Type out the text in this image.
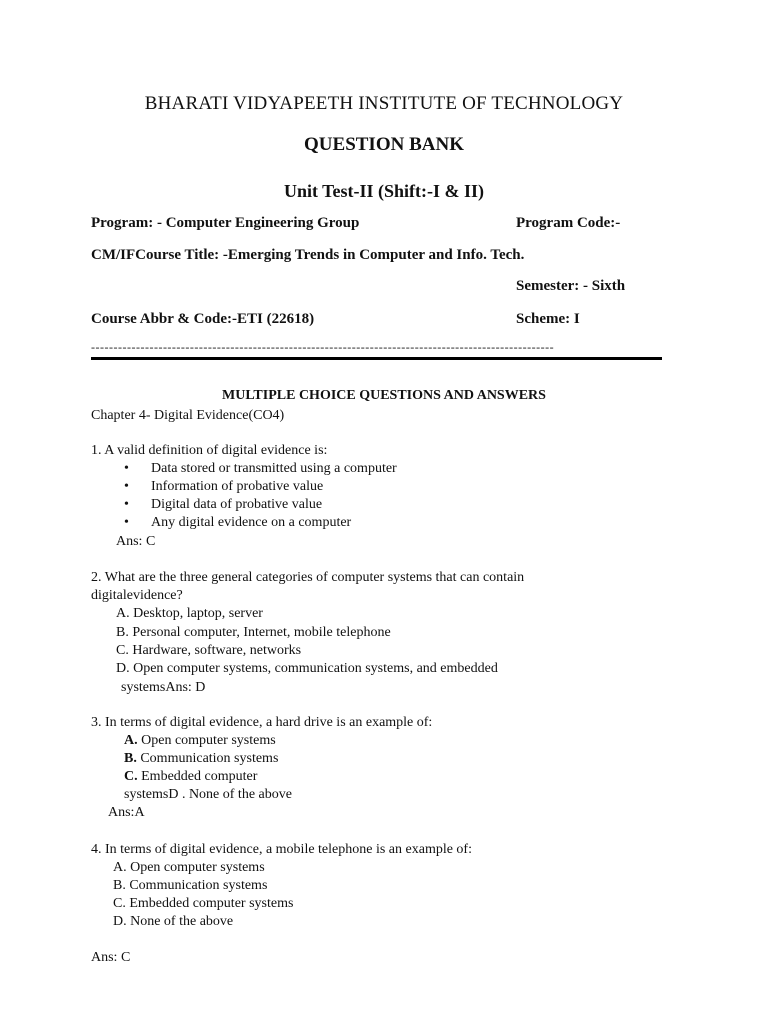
BHARATI VIDYAPEETH INSTITUTE OF TECHNOLOGY
QUESTION BANK
Unit Test-II (Shift:-I & II)
Program: - Computer Engineering Group	Program Code:-
CM/IFCourse Title: -Emerging Trends in Computer and Info. Tech.
Semester: - Sixth
Course Abbr & Code:-ETI (22618)	Scheme: I
-------------------------------------------------------------------------------------------------------
MULTIPLE CHOICE QUESTIONS AND ANSWERS
Chapter 4- Digital Evidence(CO4)
1. A valid definition of digital evidence is:
• Data stored or transmitted using a computer
• Information of probative value
• Digital data of probative value
• Any digital evidence on a computer
Ans: C
2. What are the three general categories of computer systems that can contain
digitalevidence?
A. Desktop, laptop, server
B. Personal computer, Internet, mobile telephone
C. Hardware, software, networks
D. Open computer systems, communication systems, and embedded
systemsAns: D
3. In terms of digital evidence, a hard drive is an example of:
A. Open computer systems
B. Communication systems
C. Embedded computer
systemsD . None of the above
Ans:A
4. In terms of digital evidence, a mobile telephone is an example of:
A. Open computer systems
B. Communication systems
C. Embedded computer systems
D. None of the above
Ans: C
